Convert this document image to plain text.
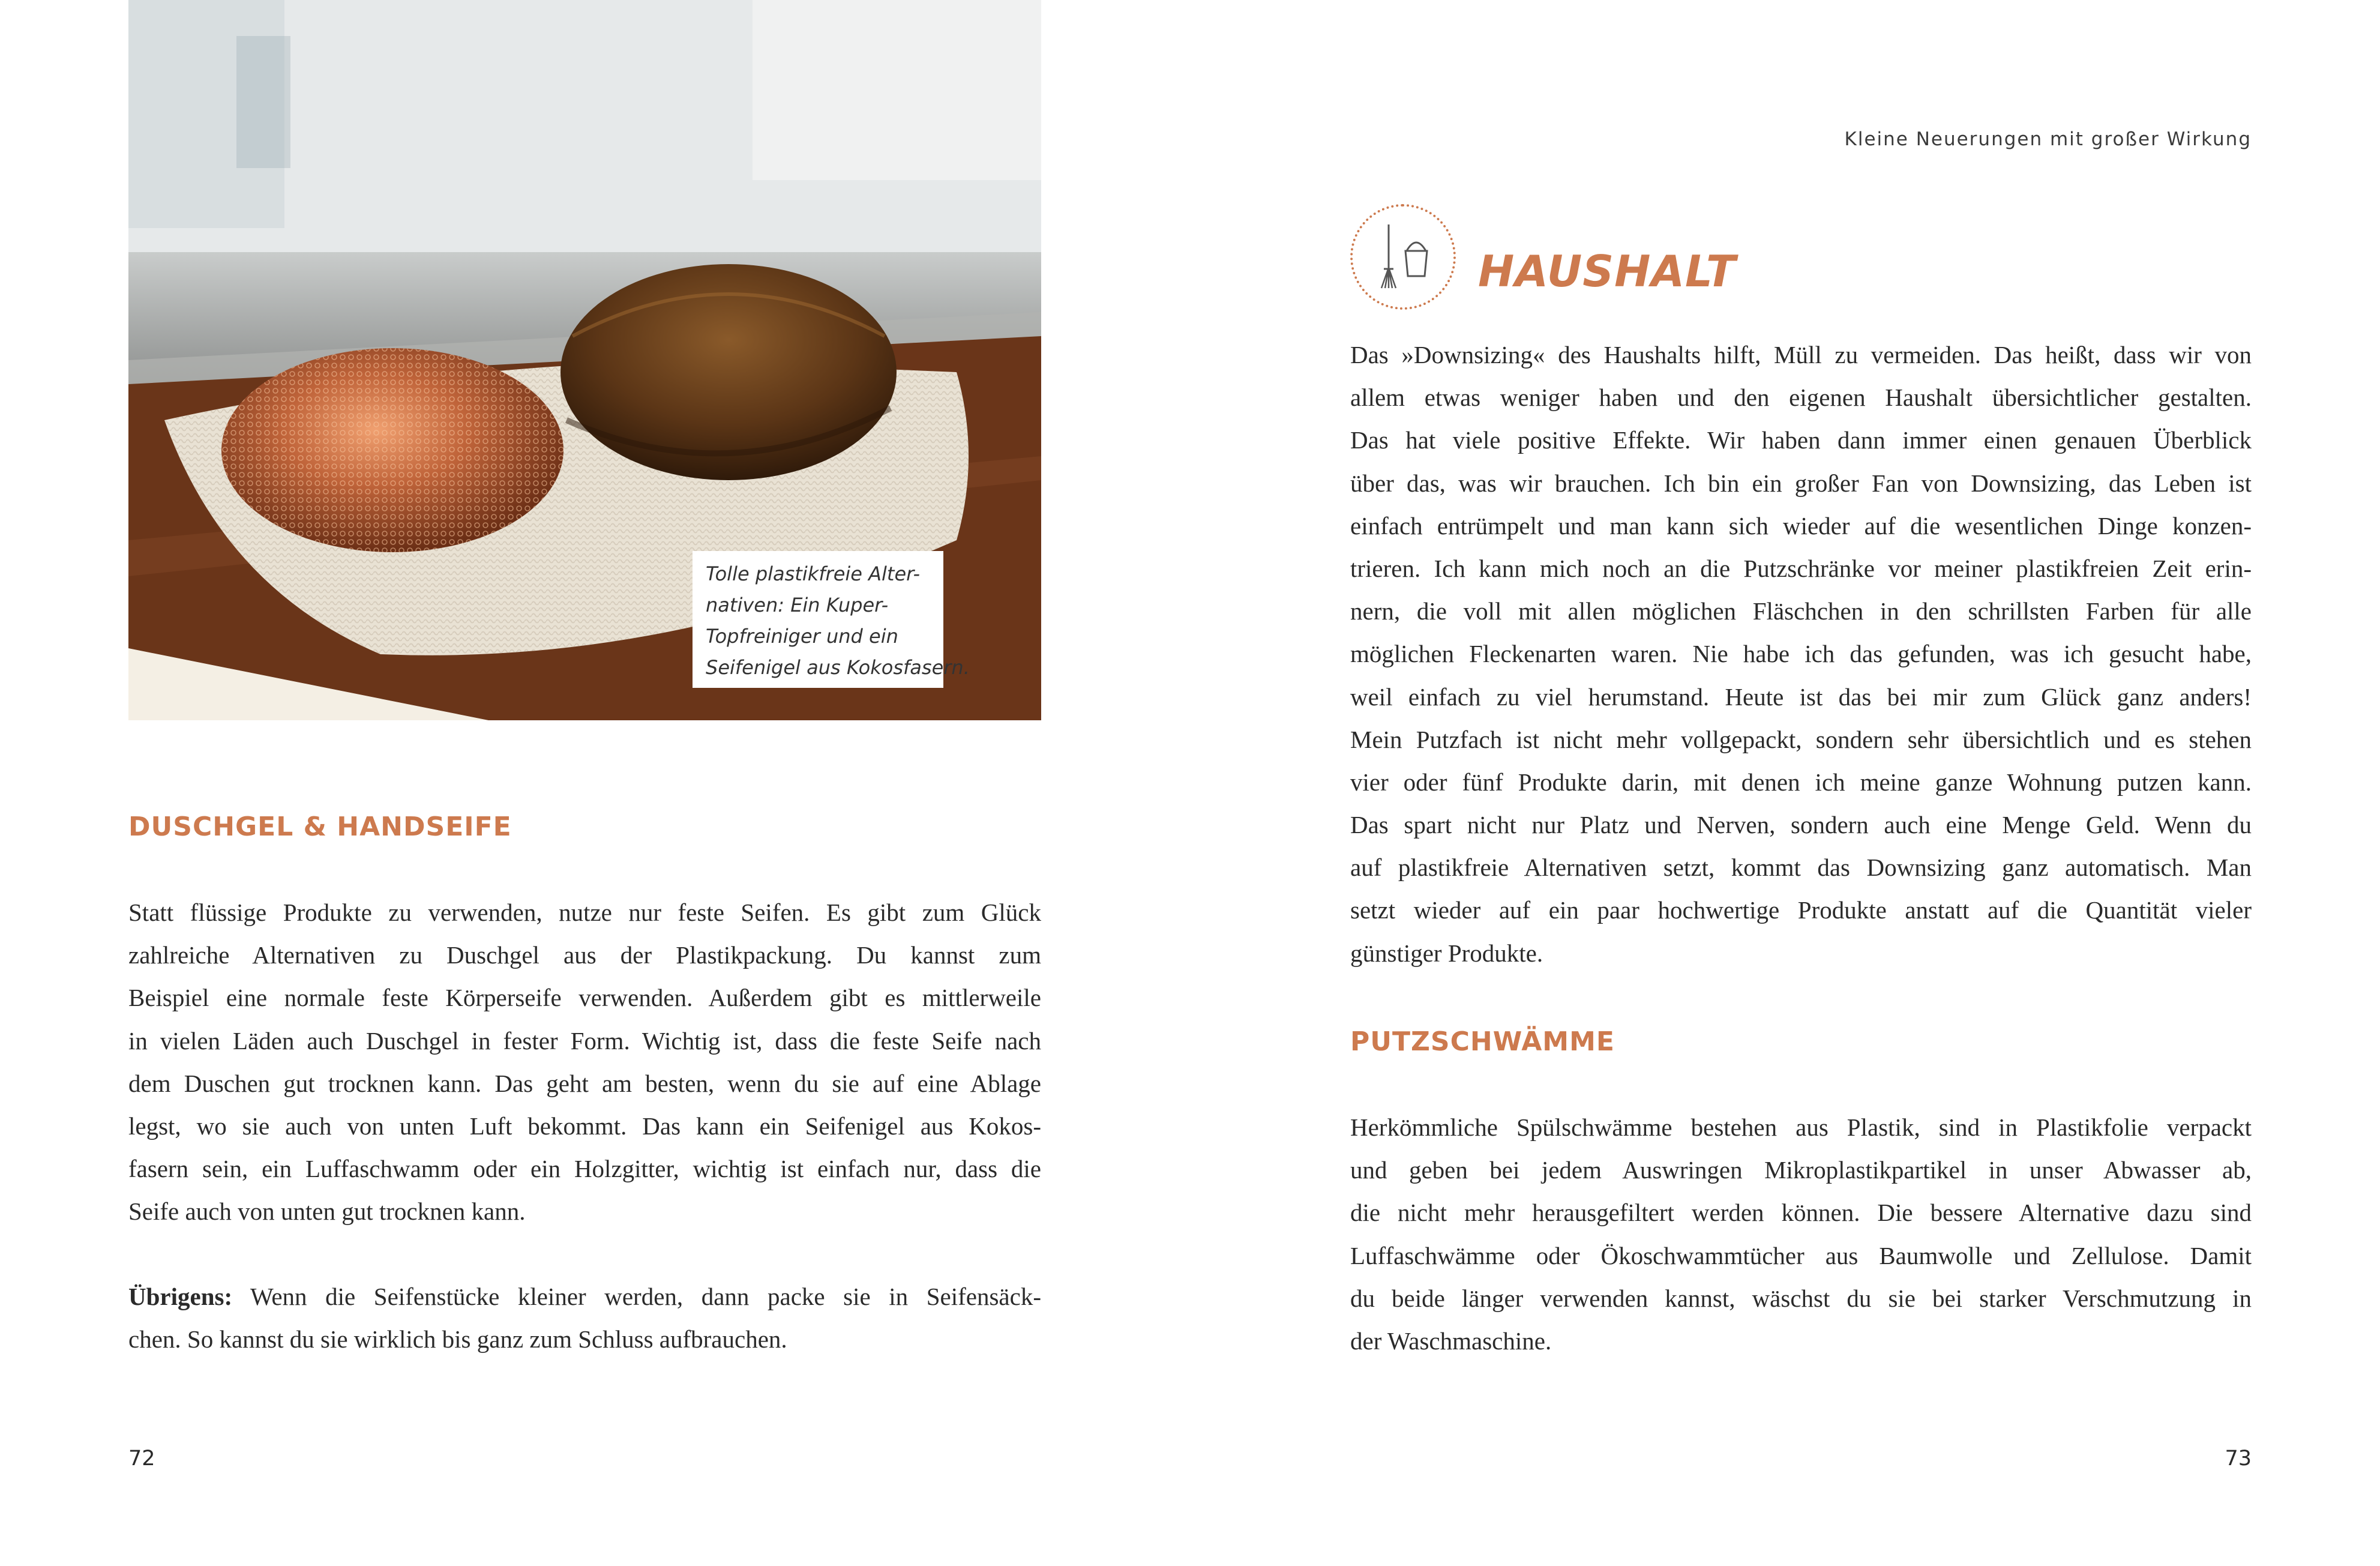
Tolle plastikfreie Alter-
nativen: Ein Kuper-
Topfreiniger und ein
Seifenigel aus Kokosfasern.
DUSCHGEL & HANDSEIFE
Statt flüssige Produkte zu verwenden, nutze nur feste Seifen. Es gibt zum Glück
zahlreiche Alternativen zu Duschgel aus der Plastikpackung. Du kannst zum
Beispiel eine normale feste Körperseife verwenden. Außerdem gibt es mittlerweile
in vielen Läden auch Duschgel in fester Form. Wichtig ist, dass die feste Seife nach
dem Duschen gut trocknen kann. Das geht am besten, wenn du sie auf eine Ablage
legst, wo sie auch von unten Luft bekommt. Das kann ein Seifenigel aus Kokos-
fasern sein, ein Luffaschwamm oder ein Holzgitter, wichtig ist einfach nur, dass die
Seife auch von unten gut trocknen kann.
Übrigens: Wenn die Seifenstücke kleiner werden, dann packe sie in Seifensäck-
chen. So kannst du sie wirklich bis ganz zum Schluss aufbrauchen.
72
Kleine Neuerungen mit großer Wirkung
HAUSHALT
Das »Downsizing« des Haushalts hilft, Müll zu vermeiden. Das heißt, dass wir von
allem etwas weniger haben und den eigenen Haushalt übersichtlicher gestalten.
Das hat viele positive Effekte. Wir haben dann immer einen genauen Überblick
über das, was wir brauchen. Ich bin ein großer Fan von Downsizing, das Leben ist
einfach entrümpelt und man kann sich wieder auf die wesentlichen Dinge konzen-
trieren. Ich kann mich noch an die Putzschränke vor meiner plastikfreien Zeit erin-
nern, die voll mit allen möglichen Fläschchen in den schrillsten Farben für alle
möglichen Fleckenarten waren. Nie habe ich das gefunden, was ich gesucht habe,
weil einfach zu viel herumstand. Heute ist das bei mir zum Glück ganz anders!
Mein Putzfach ist nicht mehr vollgepackt, sondern sehr übersichtlich und es stehen
vier oder fünf Produkte darin, mit denen ich meine ganze Wohnung putzen kann.
Das spart nicht nur Platz und Nerven, sondern auch eine Menge Geld. Wenn du
auf plastikfreie Alternativen setzt, kommt das Downsizing ganz automatisch. Man
setzt wieder auf ein paar hochwertige Produkte anstatt auf die Quantität vieler
günstiger Produkte.
PUTZSCHWÄMME
Herkömmliche Spülschwämme bestehen aus Plastik, sind in Plastikfolie verpackt
und geben bei jedem Auswringen Mikroplastikpartikel in unser Abwasser ab,
die nicht mehr herausgefiltert werden können. Die bessere Alternative dazu sind
Luffaschwämme oder Ökoschwammtücher aus Baumwolle und Zellulose. Damit
du beide länger verwenden kannst, wäschst du sie bei starker Verschmutzung in
der Waschmaschine.
73
